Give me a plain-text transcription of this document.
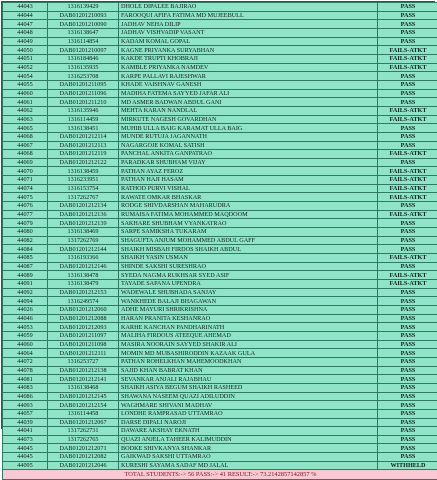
44043	1316139429	DHOLE DIPALEE BAJIRAO	PASS
44044	DAB01201210093	FAROOQUI AFIFA FATIMA MD MUJEEBULL	PASS
44047	DAB01201210090	JADHAV NEHA DILIP	PASS
44048	1316138647	JADHAV VISHVADIP VASANT	PASS
44049	1316114854	KADAM KOMAL GOPAL	PASS
44050	DAB01201210097	KAGNE PRIYANKA SURYABHAN	FAILS-ATKT
44051	1316184846	KAKDE TRUPTI KHOBRAJI	FAILS-ATKT
44052	1316135935	KAMBLE PRIYANKA NAMDEV	FAILS-ATKT
44054	1316253708	KARPE PALLAVI RAJESHWAR	PASS
44055	DAB01201211095	KHADE VAISHNAV GANESH	PASS
44060	DAB01201211096	MADIHA FATEMA SAYYED JAFAR ALI	PASS
44061	DAB01201211210	MD ASMER BADWAN ABDUL GANI	PASS
44062	1316135946	MEHTA KARAN NANDLAL	FAILS-ATKT
44063	1316114459	MIRKUTE NAGESH GOVARDHAN	FAILS-ATKT
44065	1316138451	MUHIB ULLA BAIG KARAMAT ULLA BAIG	PASS
44068	DAB01201212114	MUNDE RUTUJA JAGANNATH	PASS
44067	DAB01201212113	NAGARGOJE KOMAL SATISH	PASS
44068	DAB01201212119	PANCHAL ANKITA GANPATRAO	FAILS-ATKT
44069	DAB01201212122	PARADKAR SHUBHAM VIJAY	PASS
44070	1316138459	PATHAN AYAZ FEROZ	FAILS-ATKT
44071	1316233951	PATHAN HAJI HASAM	FAILS-ATKT
44074	1316153754	RATHOD PURVI VISHAL	FAILS-ATKT
44075	1317262767	RAWATE OMKAR BHASKAR	FAILS-ATKT
44076	DAB01201212134	RODGE SHIVDARSHAN MAHARUDRA	PASS
44077	DAB01201212136	RUMAISA FATIMA MOHAMMED MAQDOOM	FAILS-ATKT
44079	DAB01201212139	SAKHARE SHUBHAM VYANKATRAO	PASS
44080	1316138469	SARPE SAMIKSHA TUKARAM	PASS
44082	1317262769	SHAGUFTA ANJUM MOHAMMED ABDUL GAFF	PASS
44084	DAB01201212144	SHAIKH MISBAH FIRDOS SHAIKH ABDUL	PASS
44085	1316193366	SHAIKH YASIN USMAN	FAILS-ATKT
44087	DAB01201212146	SHINDE SAKSHI SURESHRAO	PASS
44089	1316138478	SYEDA NAGMA RUKHSAR SYED ASIF	FAILS-ATKT
44091	1316138479	TAYADE SAPANA UPENDRA	FAILS-ATKT
44092	DAB01201212153	WADEWALE SHUBHADA SANJAY	PASS
44094	1316249574	WANKHEDE BALAJI BHAGAWAN	PASS
44026	DAB01201212060	ADHE MAYURI SHRIKRISHNA	PASS
44046	DAB01201212088	HARAN PRANITA KESHANRAO	PASS
44053	DAB01201212093	KARHE KANCHAN PANDHARINATH	PASS
44059	DAB01201211097	MALIHA FIRDOUS ATEEQUE AHEMAD	PASS
44060	DAB01201211098	MASIRA NOORAIN SAYYED SHAKIR ALI	PASS
44064	DAB01201212111	MOMIN MD MUBASHIRODDIN KAZAAK GULA	PASS
44072	1316253727	PATHAN ROHELKHAN MAHEMOODKHAN	PASS
44078	DAB01201212138	SAJID KHAN BABRAT KHAN	PASS
44081	DAB01201212141	SEVANKAR ANJALI RAJABHAU	PASS
44083	1316138468	SHAIKH ASIYA BEGUM SHAIKH RASHEED	PASS
44086	DAB01201212145	SHAWANA NASEEM QUAZI ADILUDDIN	PASS
44093	DAB01201212154	WAGHMARE SHIVANI MADHAV	PASS
44057	1316114458	LONDHE RAMPRASAD UTTAMRAO	PASS
44039	DAB01201212067	DARSE DIPALI NAROJI	PASS
44041	1317262731	DAWARE AKSHAY EKNATH	PASS
44073	1317262765	QUAZI ANJELA TAHEER KALIMUDDIN	PASS
44045	DAB01201212071	BODKE SHIVKANYA SHANKAR	PASS
44045	DAB01201212082	GAIKWAD SAKSHI UTTAMRAO	PASS
44095	DAB01201212046	KURESHI SAYAMA SADAF MD JALAL	WITHHELD
TOTAL STUDENTS:-> 56 PASS:-> 41 RESULT:-> 73.2142857142857 %			
